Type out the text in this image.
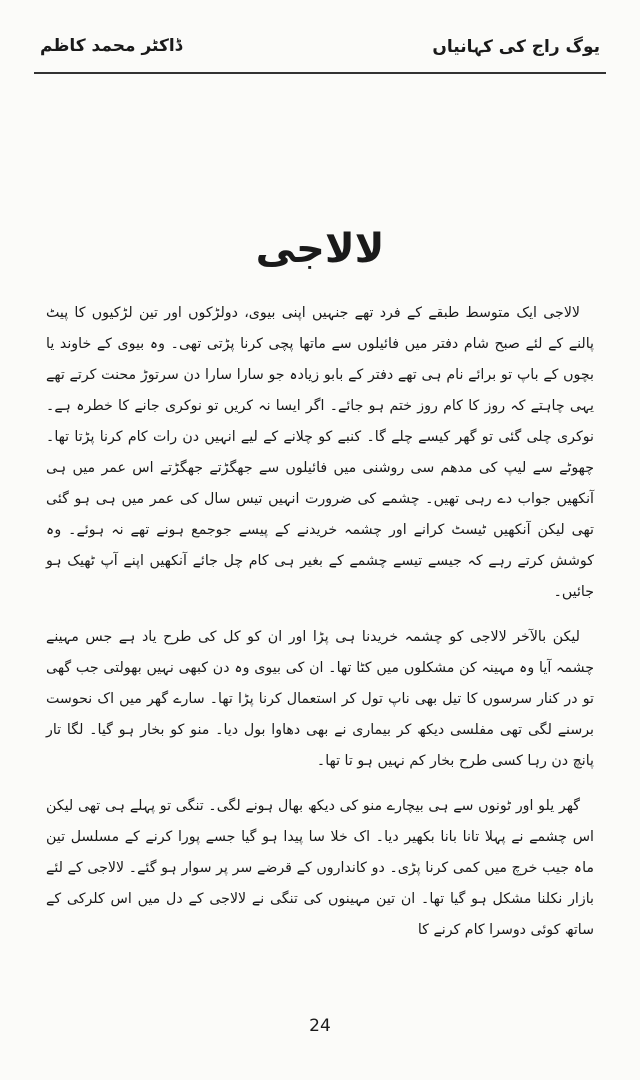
یوگ راج کی کہانیاں
ڈاکٹر محمد کاظم
لالاجی

لالاجی ایک متوسط طبقے کے فرد تھے جنہیں اپنی بیوی، دولڑکوں اور تین لڑکیوں کا پیٹ پالنے کے لئے صبح شام دفتر میں فائیلوں سے ماتھا پچی کرنا پڑتی تھی۔ وہ بیوی کے خاوند یا بچوں کے باپ تو برائے نام ہی تھے دفتر کے بابو زیادہ جو سارا سارا دن سرتوڑ محنت کرتے تھے یہی چاہتے کہ روز کا کام روز ختم ہو جائے۔ اگر ایسا نہ کریں تو نوکری جانے کا خطرہ ہے۔ نوکری چلی گئی تو گھر کیسے چلے گا۔ کنبے کو چلانے کے لیے انہیں دن رات کام کرنا پڑتا تھا۔ چھوٹے سے لیپ کی مدھم سی روشنی میں فائیلوں سے جھگڑتے جھگڑتے اس عمر میں ہی آنکھیں جواب دے رہی تھیں۔ چشمے کی ضرورت انہیں تیس سال کی عمر میں ہی ہو گئی تھی لیکن آنکھیں ٹیسٹ کرانے اور چشمہ خریدنے کے پیسے جوجمع ہونے تھے نہ ہوئے۔ وہ کوشش کرتے رہے کہ جیسے تیسے چشمے کے بغیر ہی کام چل جائے آنکھیں اپنے آپ ٹھیک ہو جائیں۔

لیکن بالآخر لالاجی کو چشمہ خریدنا ہی پڑا اور ان کو کل کی طرح یاد ہے جس مہینے چشمہ آیا وہ مہینہ کن مشکلوں میں کٹا تھا۔ ان کی بیوی وہ دن کبھی نہیں بھولتی جب گھی تو در کنار سرسوں کا تیل بھی ناپ تول کر استعمال کرنا پڑا تھا۔ سارے گھر میں اک نحوست برسنے لگی تھی مفلسی دیکھ کر بیماری نے بھی دھاوا بول دیا۔ منو کو بخار ہو گیا۔ لگا تار پانچ دن رہا کسی طرح بخار کم نہیں ہو تا تھا۔

گھر یلو اور ٹونوں سے ہی بیچارے منو کی دیکھ بھال ہونے لگی۔ تنگی تو پہلے ہی تھی لیکن اس چشمے نے پہلا تانا بانا بکھیر دیا۔ اک خلا سا پیدا ہو گیا جسے پورا کرنے کے مسلسل تین ماہ جیب خرچ میں کمی کرنا پڑی۔ دو کانداروں کے قرضے سر پر سوار ہو گئے۔ لالاجی کے لئے بازار نکلنا مشکل ہو گیا تھا۔ ان تین مہینوں کی تنگی نے لالاجی کے دل میں اس کلرکی کے ساتھ کوئی دوسرا کام کرنے کا

24
